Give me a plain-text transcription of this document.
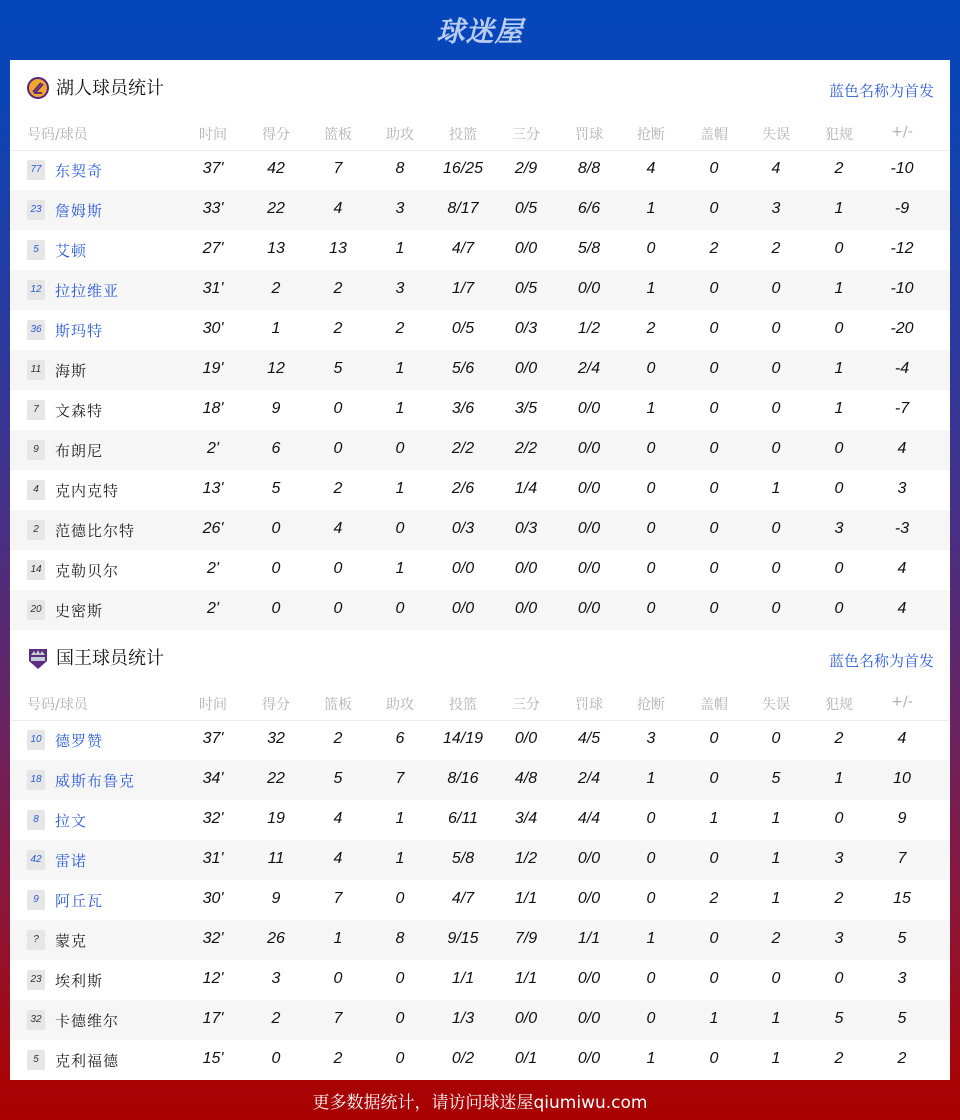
球迷屋
湖人球员统计	蓝色名称为首发
号码/球员	时间	得分 篮板 助攻	投篮	三分	罚球 抢断	盖帽 失误	犯规	+/-
77 东契奇	37'	42	7	8 16/25 2/9	8/8	4	0	4	2	-10
23 詹姆斯	33'	22	4	3	8/17 0/5	6/6	1	0	3	1	-9
5	艾顿	27'	13	13	1	4/7	0/0	5/8	0	2	2	0	-12
12 拉拉维亚	31'	2	2	3	1/7	0/5	0/0	1	0	0	1	-10
36 斯玛特	30'	1	2	2	0/5	0/3	1/2	2	0	0	0	-20
11 海斯	19'	12	5	1	5/6	0/0	2/4	0	0	0	1	-4
7	文森特	18'	9	0	1	3/6	3/5	0/0	1	0	0	1	-7
9	布朗尼	2'	6	0	0	2/2	2/2	0/0	0	0	0	0	4
4	克内克特	13'	5	2	1	2/6	1/4	0/0	0	0	1	0	3
2	范德比尔特	26'	0	4	0	0/3	0/3	0/0	0	0	0	3	-3
14 克勒贝尔	2'	0	0	1	0/0	0/0	0/0	0	0	0	0	4
20 史密斯	2'	0	0	0	0/0	0/0	0/0	0	0	0	0	4
国王球员统计	蓝色名称为首发
号码/球员	时间	得分 篮板 助攻	投篮	三分	罚球 抢断	盖帽 失误	犯规	+/-
10 德罗赞	37'	32	2	6 14/19 0/0	4/5	3	0	0	2	4
18 威斯布鲁克	34'	22	5	7	8/16 4/8	2/4	1	0	5	1	10
8	拉文	32'	19	4	1	6/11 3/4	4/4	0	1	1	0	9
42 雷诺	31'	11	4	1	5/8	1/2	0/0	0	0	1	3	7
9	阿丘瓦	30'	9	7	0	4/7	1/1	0/0	0	2	1	2	15
?	蒙克	32'	26	1	8	9/15 7/9	1/1	1	0	2	3	5
23 埃利斯	12'	3	0	0	1/1	1/1	0/0	0	0	0	0	3
32 卡德维尔	17'	2	7	0	1/3	0/0	0/0	0	1	1	5	5
5	克利福德	15'	0	2	0	0/2	0/1	0/0	1	0	1	2	2
更多数据统计，请访问球迷屋qiumiwu.com
